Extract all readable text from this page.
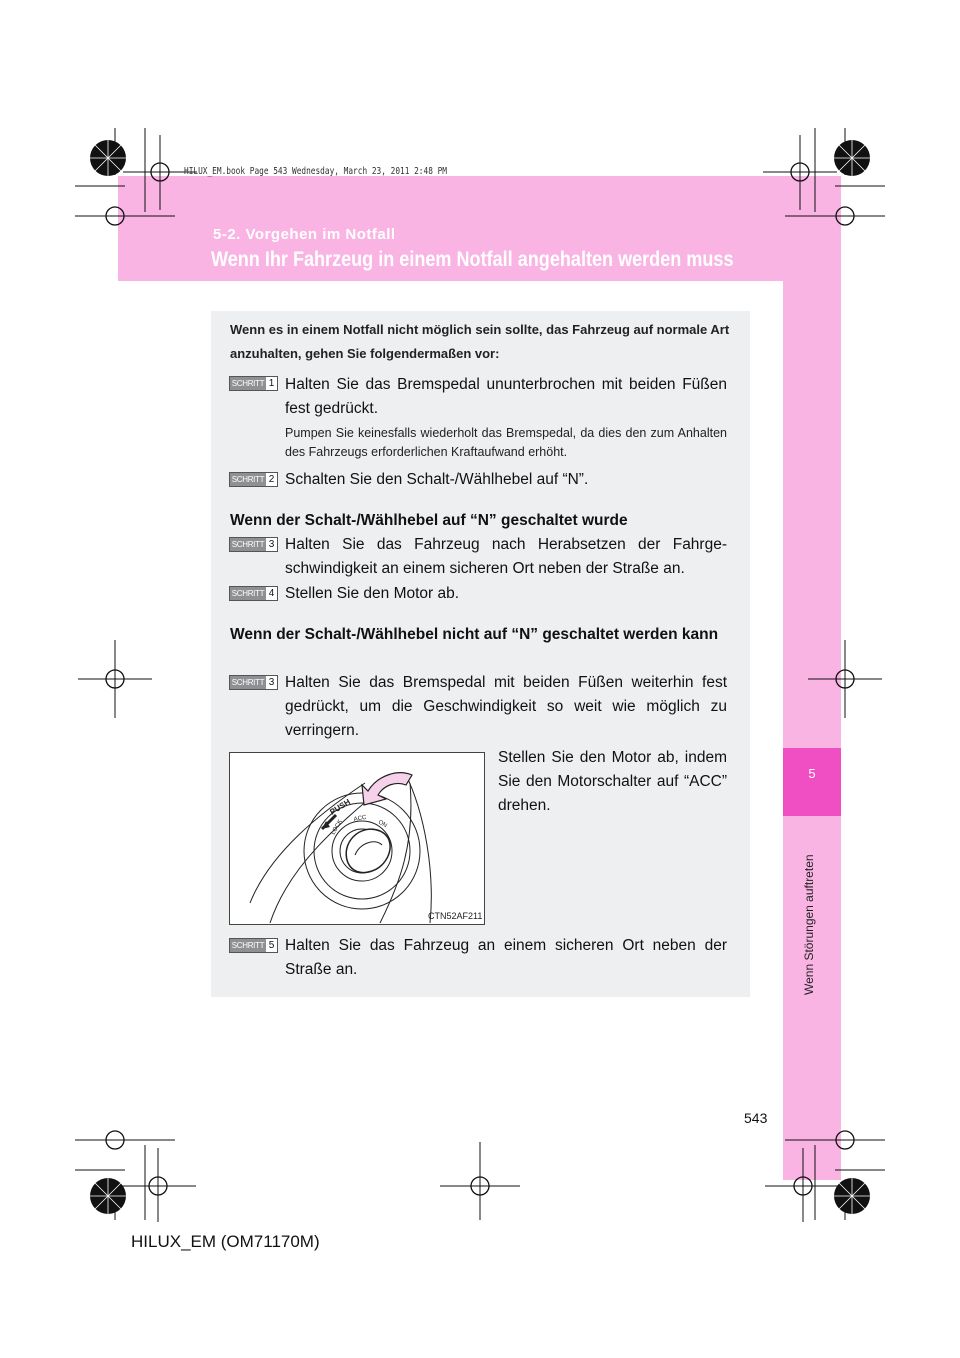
5
Wenn Störungen auftreten
HILUX_EM.book Page 543 Wednesday, March 23, 2011 2:48 PM
5-2. Vorgehen im Notfall
Wenn Ihr Fahrzeug in einem Notfall angehalten werden muss
Wenn es in einem Notfall nicht möglich sein sollte, das Fahrzeug auf normale Art anzuhalten, gehen Sie folgendermaßen vor:
SCHRITT 1 Halten Sie das Bremspedal ununterbrochen mit beiden Füßen fest gedrückt.
Pumpen Sie keinesfalls wiederholt das Bremspedal, da dies den zum Anhalten des Fahrzeugs erforderlichen Kraftaufwand erhöht.
SCHRITT 2 Schalten Sie den Schalt-/Wählhebel auf “N”.
Wenn der Schalt-/Wählhebel auf “N” geschaltet wurde
SCHRITT 3 Halten Sie das Fahrzeug nach Herabsetzen der Fahrge-schwindigkeit an einem sicheren Ort neben der Straße an.
SCHRITT 4 Stellen Sie den Motor ab.
Wenn der Schalt-/Wählhebel nicht auf “N” geschaltet werden kann
SCHRITT 3 Halten Sie das Bremspedal mit beiden Füßen weiterhin fest gedrückt, um die Geschwindigkeit so weit wie möglich zu verringern.
PUSH
LOCK ACC
ON
CTN52AF211
Stellen Sie den Motor ab, indem Sie den Motorschalter auf “ACC” drehen.
SCHRITT 5 Halten Sie das Fahrzeug an einem sicheren Ort neben der Straße an.
543
HILUX_EM (OM71170M)
